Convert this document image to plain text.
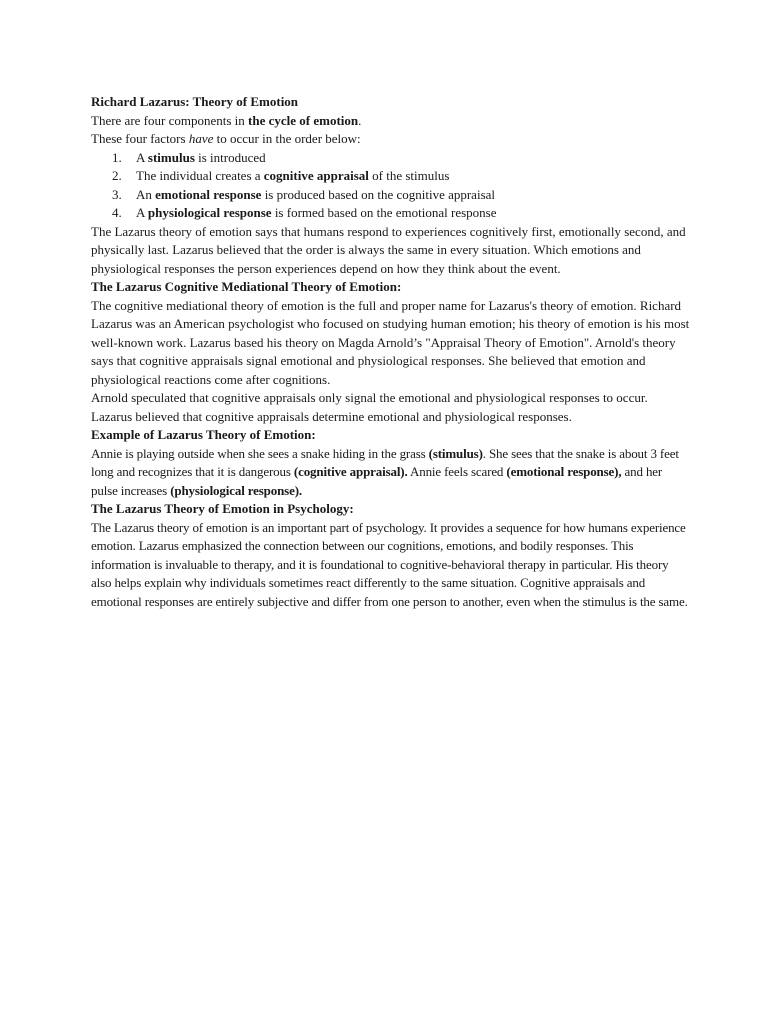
Richard Lazarus: Theory of Emotion

There are four components in the cycle of emotion.

These four factors have to occur in the order below:

1. A stimulus is introduced
2. The individual creates a cognitive appraisal of the stimulus
3. An emotional response is produced based on the cognitive appraisal
4. A physiological response is formed based on the emotional response

The Lazarus theory of emotion says that humans respond to experiences cognitively first, emotionally second, and physically last. Lazarus believed that the order is always the same in every situation. Which emotions and physiological responses the person experiences depend on how they think about the event.

The Lazarus Cognitive Mediational Theory of Emotion:

The cognitive mediational theory of emotion is the full and proper name for Lazarus's theory of emotion. Richard Lazarus was an American psychologist who focused on studying human emotion; his theory of emotion is his most well-known work. Lazarus based his theory on Magda Arnold’s "Appraisal Theory of Emotion". Arnold's theory says that cognitive appraisals signal emotional and physiological responses. She believed that emotion and physiological reactions come after cognitions.

Arnold speculated that cognitive appraisals only signal the emotional and physiological responses to occur. Lazarus believed that cognitive appraisals determine emotional and physiological responses.

Example of Lazarus Theory of Emotion:

Annie is playing outside when she sees a snake hiding in the grass (stimulus). She sees that the snake is about 3 feet long and recognizes that it is dangerous (cognitive appraisal). Annie feels scared (emotional response), and her pulse increases (physiological response).

The Lazarus Theory of Emotion in Psychology:

The Lazarus theory of emotion is an important part of psychology. It provides a sequence for how humans experience emotion. Lazarus emphasized the connection between our cognitions, emotions, and bodily responses. This information is invaluable to therapy, and it is foundational to cognitive-behavioral therapy in particular. His theory also helps explain why individuals sometimes react differently to the same situation. Cognitive appraisals and emotional responses are entirely subjective and differ from one person to another, even when the stimulus is the same.
